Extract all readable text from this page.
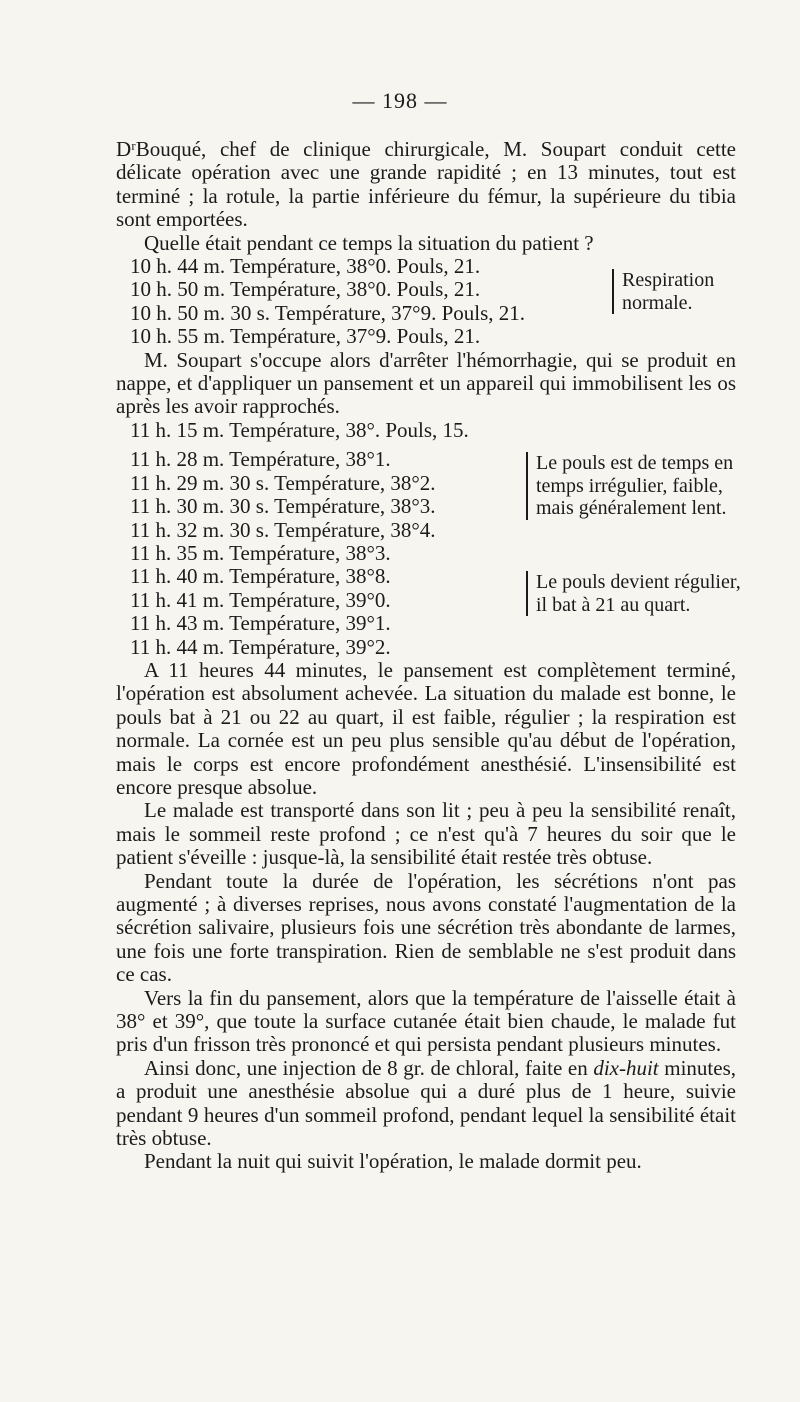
— 198 —

DʳBouqué, chef de clinique chirurgicale, M. Soupart conduit cette délicate opération avec une grande rapidité ; en 13 minutes, tout est terminé ; la rotule, la partie inférieure du fémur, la supérieure du tibia sont emportées.

Quelle était pendant ce temps la situation du patient ?

10 h. 44 m. Température, 38°0. Pouls, 21.
10 h. 50 m. Température, 38°0. Pouls, 21.
10 h. 50 m. 30 s. Température, 37°9. Pouls, 21.
10 h. 55 m. Température, 37°9. Pouls, 21.
Respiration normale.

M. Soupart s'occupe alors d'arrêter l'hémorrhagie, qui se produit en nappe, et d'appliquer un pansement et un appareil qui immobilisent les os après les avoir rapprochés.

11 h. 15 m. Température, 38°. Pouls, 15.
11 h. 28 m. Température, 38°1.
11 h. 29 m. 30 s. Température, 38°2.
11 h. 30 m. 30 s. Température, 38°3.
11 h. 32 m. 30 s. Température, 38°4.
11 h. 35 m. Température, 38°3.
Le pouls est de temps en temps irrégulier, faible, mais généralement lent.
11 h. 40 m. Température, 38°8.
11 h. 41 m. Température, 39°0.
11 h. 43 m. Température, 39°1.
11 h. 44 m. Température, 39°2.
Le pouls devient régulier, il bat à 21 au quart.

A 11 heures 44 minutes, le pansement est complètement terminé, l'opération est absolument achevée. La situation du malade est bonne, le pouls bat à 21 ou 22 au quart, il est faible, régulier ; la respiration est normale. La cornée est un peu plus sensible qu'au début de l'opération, mais le corps est encore profondément anesthésié. L'insensibilité est encore presque absolue.

Le malade est transporté dans son lit ; peu à peu la sensibilité renaît, mais le sommeil reste profond ; ce n'est qu'à 7 heures du soir que le patient s'éveille : jusque-là, la sensibilité était restée très obtuse.

Pendant toute la durée de l'opération, les sécrétions n'ont pas augmenté ; à diverses reprises, nous avons constaté l'augmentation de la sécrétion salivaire, plusieurs fois une sécrétion très abondante de larmes, une fois une forte transpiration. Rien de semblable ne s'est produit dans ce cas.

Vers la fin du pansement, alors que la température de l'aisselle était à 38° et 39°, que toute la surface cutanée était bien chaude, le malade fut pris d'un frisson très prononcé et qui persista pendant plusieurs minutes.

Ainsi donc, une injection de 8 gr. de chloral, faite en dix-huit minutes, a produit une anesthésie absolue qui a duré plus de 1 heure, suivie pendant 9 heures d'un sommeil profond, pendant lequel la sensibilité était très obtuse.

Pendant la nuit qui suivit l'opération, le malade dormit peu.
